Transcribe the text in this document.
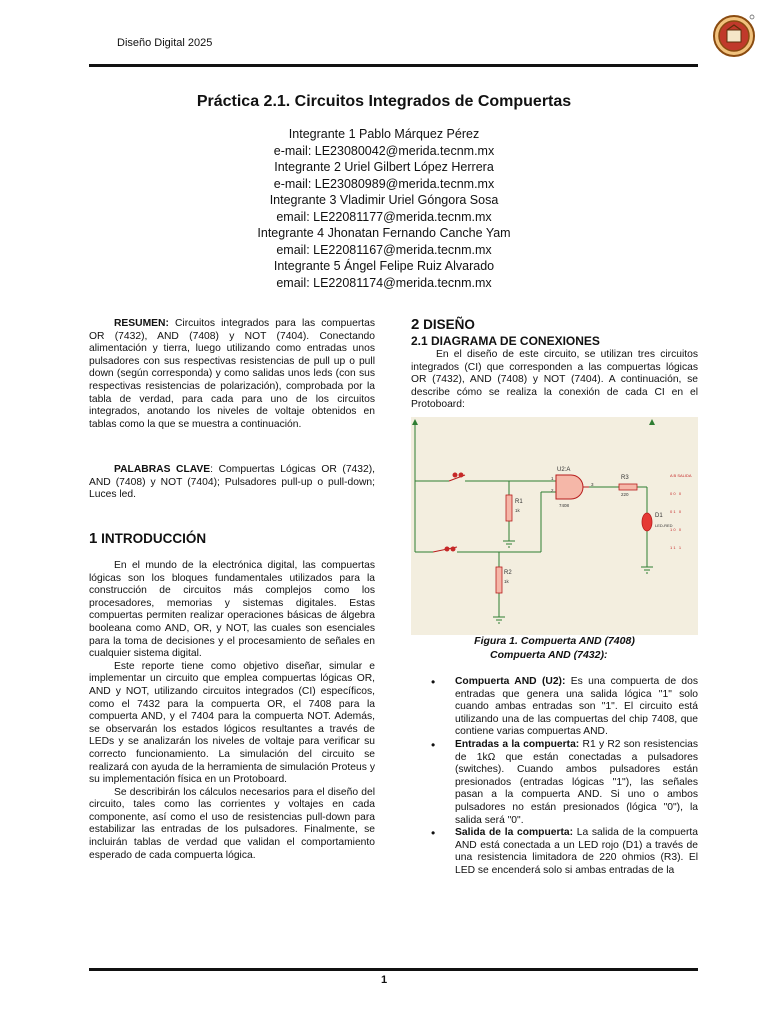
Diseño Digital 2025
Práctica 2.1. Circuitos Integrados de Compuertas
Integrante 1 Pablo Márquez Pérez
e-mail: LE23080042@merida.tecnm.mx
Integrante 2 Uriel Gilbert López Herrera
e-mail: LE23080989@merida.tecnm.mx
Integrante 3 Vladimir Uriel Góngora Sosa
email: LE22081177@merida.tecnm.mx
Integrante 4 Jhonatan Fernando Canche Yam
email: LE22081167@merida.tecnm.mx
Integrante 5 Ángel Felipe Ruiz Alvarado
email: LE22081174@merida.tecnm.mx

RESUMEN: Circuitos integrados para las compuertas OR (7432), AND (7408) y NOT (7404). Conectando alimentación y tierra, luego utilizando como entradas unos pulsadores con sus respectivas resistencias de pull up o pull down (según corresponda) y como salidas unos leds (con sus respectivas resistencias de polarización), comprobada por la tabla de verdad, para cada para uno de los circuitos integrados, anotando los niveles de voltaje obtenidos en tablas como la que se muestra a continuación.

PALABRAS CLAVE: Compuertas Lógicas OR (7432), AND (7408) y NOT (7404); Pulsadores pull-up o pull-down; Luces led.

1 INTRODUCCIÓN

En el mundo de la electrónica digital, las compuertas lógicas son los bloques fundamentales utilizados para la construcción de circuitos más complejos como los procesadores, memorias y sistemas digitales. Estas compuertas permiten realizar operaciones básicas de álgebra booleana como AND, OR, y NOT, las cuales son esenciales para la toma de decisiones y el procesamiento de señales en cualquier sistema digital.

Este reporte tiene como objetivo diseñar, simular e implementar un circuito que emplea compuertas lógicas OR, AND y NOT, utilizando circuitos integrados (CI) específicos, como el 7432 para la compuerta OR, el 7408 para la compuerta AND, y el 7404 para la compuerta NOT. Además, se observarán los estados lógicos resultantes a través de LEDs y se analizarán los niveles de voltaje para verificar su correcto funcionamiento. La simulación del circuito se realizará con ayuda de la herramienta de simulación Proteus y su implementación física en un Protoboard.

Se describirán los cálculos necesarios para el diseño del circuito, tales como las corrientes y voltajes en cada componente, así como el uso de resistencias pull-down para estabilizar las entradas de los pulsadores. Finalmente, se incluirán tablas de verdad que validan el comportamiento esperado de cada compuerta lógica.

2 DISEÑO
2.1 DIAGRAMA DE CONEXIONES

En el diseño de este circuito, se utilizan tres circuitos integrados (CI) que corresponden a las compuertas lógicas OR (7432), AND (7408) y NOT (7404). A continuación, se describe cómo se realiza la conexión de cada CI en el Protoboard:

U2:A
7408
1
2
3
R1
1k
R2
1k
R3
220
D1
LED-RED

A B SALIDA

0 0   0

0 1   0

1 0   0

1 1   1

Figura 1. Compuerta AND (7408)
Compuerta AND (7432):
• Compuerta AND (U2): Es una compuerta de dos entradas que genera una salida lógica "1" solo cuando ambas entradas son "1". El circuito está utilizando una de las compuertas del chip 7408, que contiene varias compuertas AND.
• Entradas a la compuerta: R1 y R2 son resistencias de 1kΩ que están conectadas a pulsadores (switches). Cuando ambos pulsadores están presionados (entradas lógicas "1"), las señales pasan a la compuerta AND. Si uno o ambos pulsadores no están presionados (lógica "0"), la salida será "0".
• Salida de la compuerta: La salida de la compuerta AND está conectada a un LED rojo (D1) a través de una resistencia limitadora de 220 ohmios (R3). El LED se encenderá solo si ambas entradas de la
1
